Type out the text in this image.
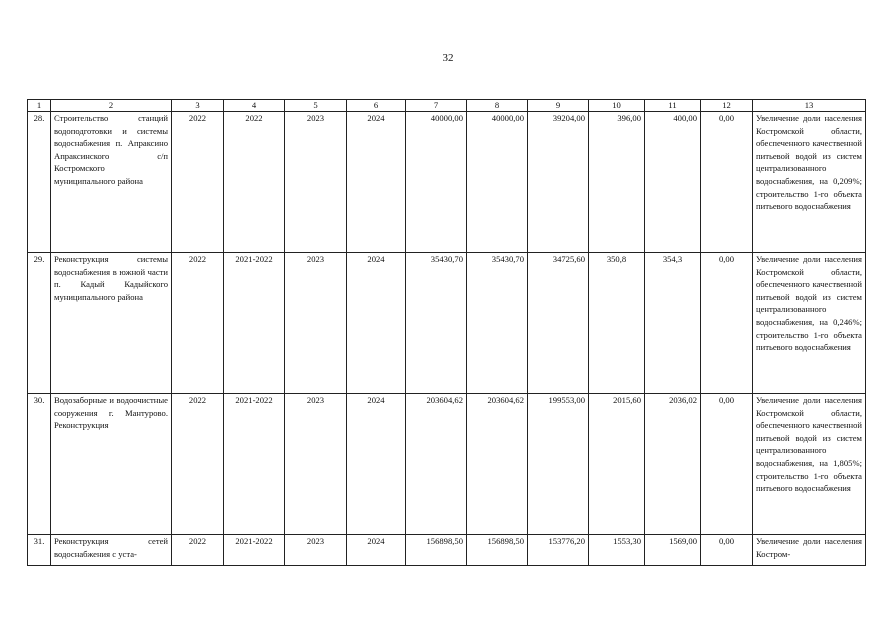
32
1	2	3	4	5	6	7	8	9	10	11	12	13
28.	Строительство станций водоподготовки и системы водоснабжения п. Апраксино Апраксинского с/п Костромского муниципального района	2022	2022	2023	2024	40000,00	40000,00	39204,00	396,00	400,00	0,00	Увеличение доли населения Костромской области, обеспеченного качественной питьевой водой из систем централизованного водоснабжения, на 0,209%; строительство 1-го объекта питьевого водоснабжения
29.	Реконструкция системы водоснабжения в южной части п. Кадый Кадыйского муниципального района	2022	2021-2022	2023	2024	35430,70	35430,70	34725,60	350,8	354,3	0,00	Увеличение доли населения Костромской области, обеспеченного качественной питьевой водой из систем централизованного водоснабжения, на 0,246%; строительство 1-го объекта питьевого водоснабжения
30.	Водозаборные и водоочистные сооружения г. Мантурово. Реконструкция	2022	2021-2022	2023	2024	203604,62	203604,62	199553,00	2015,60	2036,02	0,00	Увеличение доли населения Костромской области, обеспеченного качественной питьевой водой из систем централизованного водоснабжения, на 1,805%; строительство 1-го объекта питьевого водоснабжения
31.	Реконструкция сетей водоснабжения с уста-	2022	2021-2022	2023	2024	156898,50	156898,50	153776,20	1553,30	1569,00	0,00	Увеличение доли населения Костром-
